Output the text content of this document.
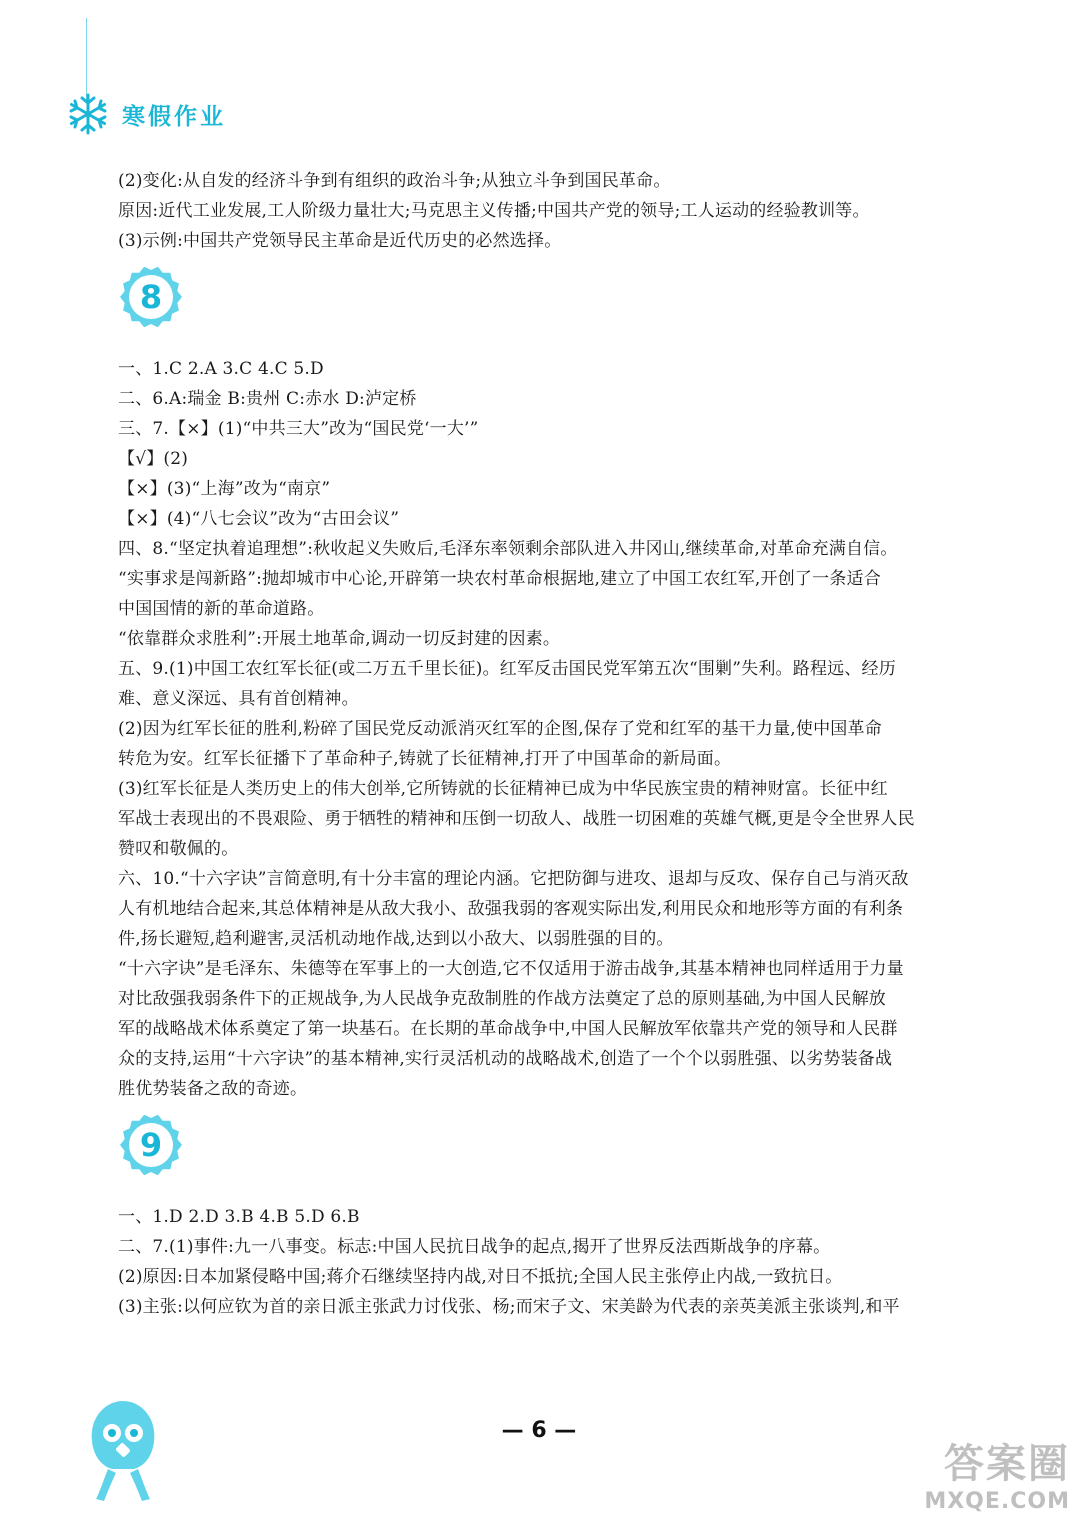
寒假作业
(2)变化:从自发的经济斗争到有组织的政治斗争;从独立斗争到国民革命。
原因:近代工业发展,工人阶级力量壮大;马克思主义传播;中国共产党的领导;工人运动的经验教训等。
(3)示例:中国共产党领导民主革命是近代历史的必然选择。
8
一、1.C 2.A 3.C 4.C 5.D
二、6.A:瑞金 B:贵州 C:赤水 D:泸定桥
三、7.【×】(1)“中共三大”改为“国民党‘一大’”
【√】(2)
【×】(3)“上海”改为“南京”
【×】(4)“八七会议”改为“古田会议”
四、8.“坚定执着追理想”:秋收起义失败后,毛泽东率领剩余部队进入井冈山,继续革命,对革命充满自信。
“实事求是闯新路”:抛却城市中心论,开辟第一块农村革命根据地,建立了中国工农红军,开创了一条适合
中国国情的新的革命道路。
“依靠群众求胜利”:开展土地革命,调动一切反封建的因素。
五、9.(1)中国工农红军长征(或二万五千里长征)。红军反击国民党军第五次“围剿”失利。路程远、经历
难、意义深远、具有首创精神。
(2)因为红军长征的胜利,粉碎了国民党反动派消灭红军的企图,保存了党和红军的基干力量,使中国革命
转危为安。红军长征播下了革命种子,铸就了长征精神,打开了中国革命的新局面。
(3)红军长征是人类历史上的伟大创举,它所铸就的长征精神已成为中华民族宝贵的精神财富。长征中红
军战士表现出的不畏艰险、勇于牺牲的精神和压倒一切敌人、战胜一切困难的英雄气概,更是令全世界人民
赞叹和敬佩的。
六、10.“十六字诀”言简意明,有十分丰富的理论内涵。它把防御与进攻、退却与反攻、保存自己与消灭敌
人有机地结合起来,其总体精神是从敌大我小、敌强我弱的客观实际出发,利用民众和地形等方面的有利条
件,扬长避短,趋利避害,灵活机动地作战,达到以小敌大、以弱胜强的目的。
“十六字诀”是毛泽东、朱德等在军事上的一大创造,它不仅适用于游击战争,其基本精神也同样适用于力量
对比敌强我弱条件下的正规战争,为人民战争克敌制胜的作战方法奠定了总的原则基础,为中国人民解放
军的战略战术体系奠定了第一块基石。在长期的革命战争中,中国人民解放军依靠共产党的领导和人民群
众的支持,运用“十六字诀”的基本精神,实行灵活机动的战略战术,创造了一个个以弱胜强、以劣势装备战
胜优势装备之敌的奇迹。
9
一、1.D 2.D 3.B 4.B 5.D 6.B
二、7.(1)事件:九一八事变。标志:中国人民抗日战争的起点,揭开了世界反法西斯战争的序幕。
(2)原因:日本加紧侵略中国;蒋介石继续坚持内战,对日不抵抗;全国人民主张停止内战,一致抗日。
(3)主张:以何应钦为首的亲日派主张武力讨伐张、杨;而宋子文、宋美龄为代表的亲英美派主张谈判,和平
— 6 —
答案圈
MXQE.COM
